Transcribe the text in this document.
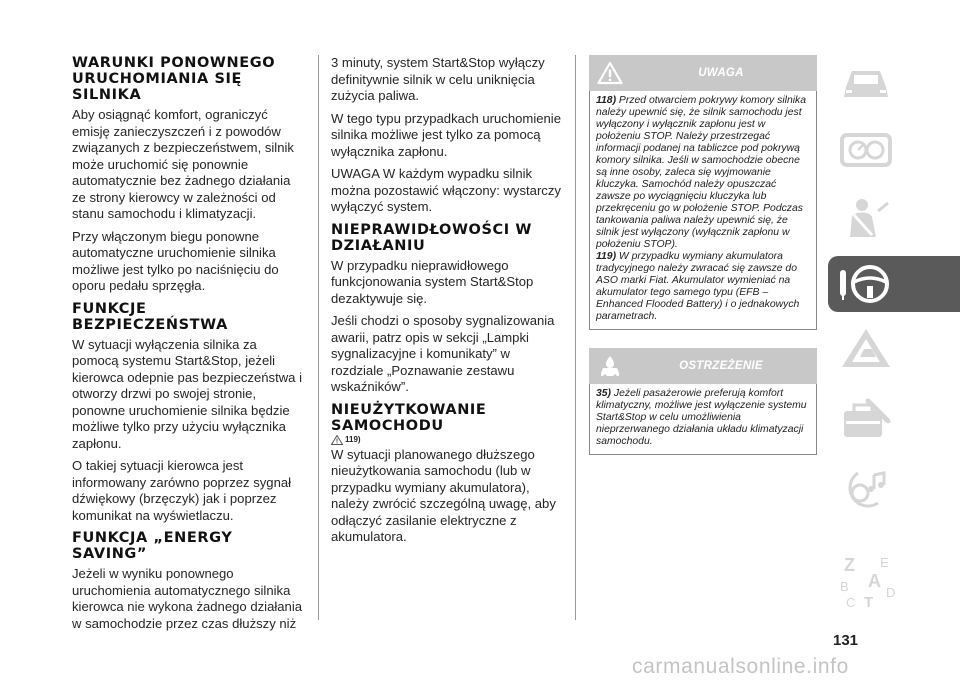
WARUNKI PONOWNEGO URUCHOMIANIA SIĘ SILNIKA

Aby osiągnąć komfort, ograniczyć emisję zanieczyszczeń i z powodów związanych z bezpieczeństwem, silnik może uruchomić się ponownie automatycznie bez żadnego działania ze strony kierowcy w zależności od stanu samochodu i klimatyzacji.

Przy włączonym biegu ponowne automatyczne uruchomienie silnika możliwe jest tylko po naciśnięciu do oporu pedału sprzęgła.

FUNKCJE BEZPIECZEŃSTWA

W sytuacji wyłączenia silnika za pomocą systemu Start&Stop, jeżeli kierowca odepnie pas bezpieczeństwa i otworzy drzwi po swojej stronie, ponowne uruchomienie silnika będzie możliwe tylko przy użyciu wyłącznika zapłonu.

O takiej sytuacji kierowca jest informowany zarówno poprzez sygnał dźwiękowy (brzęczyk) jak i poprzez komunikat na wyświetlaczu.

FUNKCJA „ENERGY SAVING”

Jeżeli w wyniku ponownego uruchomienia automatycznego silnika kierowca nie wykona żadnego działania w samochodzie przez czas dłuższy niż

3 minuty, system Start&Stop wyłączy definitywnie silnik w celu uniknięcia zużycia paliwa.

W tego typu przypadkach uruchomienie silnika możliwe jest tylko za pomocą wyłącznika zapłonu.

UWAGA W każdym wypadku silnik można pozostawić włączony: wystarczy wyłączyć system.

NIEPRAWIDŁOWOŚCI W DZIAŁANIU

W przypadku nieprawidłowego funkcjonowania system Start&Stop dezaktywuje się.

Jeśli chodzi o sposoby sygnalizowania awarii, patrz opis w sekcji „Lampki sygnalizacyjne i komunikaty” w rozdziale „Poznawanie zestawu wskaźników”.

NIEUŻYTKOWANIE SAMOCHODU
119)

W sytuacji planowanego dłuższego nieużytkowania samochodu (lub w przypadku wymiany akumulatora), należy zwrócić szczególną uwagę, aby odłączyć zasilanie elektryczne z akumulatora.

UWAGA

118) Przed otwarciem pokrywy komory silnika należy upewnić się, że silnik samochodu jest wyłączony i wyłącznik zapłonu jest w położeniu STOP. Należy przestrzegać informacji podanej na tabliczce pod pokrywą komory silnika. Jeśli w samochodzie obecne są inne osoby, zaleca się wyjmowanie kluczyka. Samochód należy opuszczać zawsze po wyciągnięciu kluczyka lub przekręceniu go w położenie STOP. Podczas tankowania paliwa należy upewnić się, że silnik jest wyłączony (wyłącznik zapłonu w położeniu STOP).

119) W przypadku wymiany akumulatora tradycyjnego należy zwracać się zawsze do ASO marki Fiat. Akumulator wymieniać na akumulator tego samego typu (EFB – Enhanced Flooded Battery) i o jednakowych parametrach.

OSTRZEŻENIE

35) Jeżeli pasażerowie preferują komfort klimatyczny, możliwe jest wyłączenie systemu Start&Stop w celu umożliwienia nieprzerwanego działania układu klimatyzacji samochodu.

Z E
A
B
C
D
T
131
carmanualsonline.info
